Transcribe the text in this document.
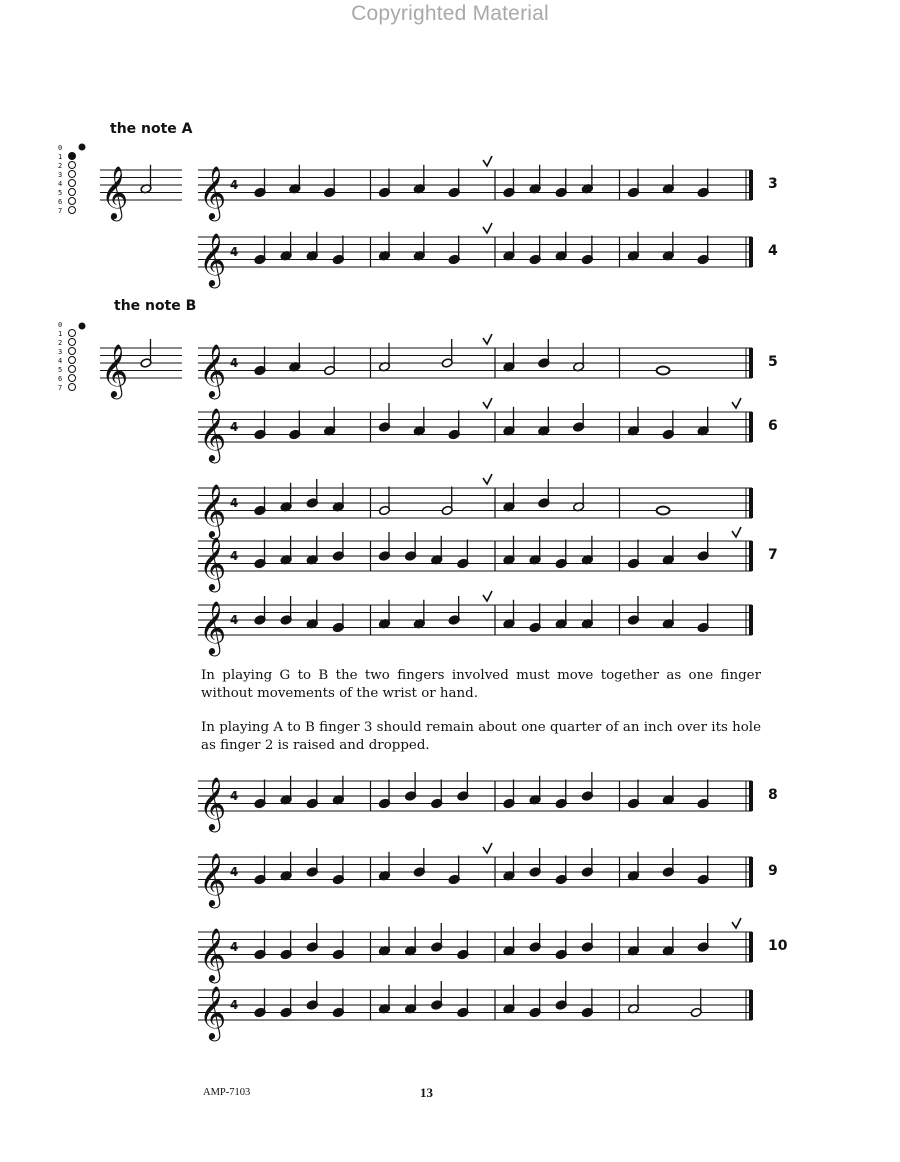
Copyrighted Material
the note A
the note B
0
1
2
3
4
5
6
7 𝄞
0
1
2
3
4
5
6
7 𝄞
𝄞 4
𝄞 4
𝄞 4
𝄞 4
𝄞 4
𝄞 4
𝄞 4
𝄞 4
𝄞 4
𝄞 4
𝄞 4
3
4
5
6
7
8
9
10
In playing G to B the two fingers involved must move together as one finger without movements of the wrist or hand.
In playing A to B finger 3 should remain about one quarter of an inch over its hole as finger 2 is raised and dropped.
AMP-7103	13
